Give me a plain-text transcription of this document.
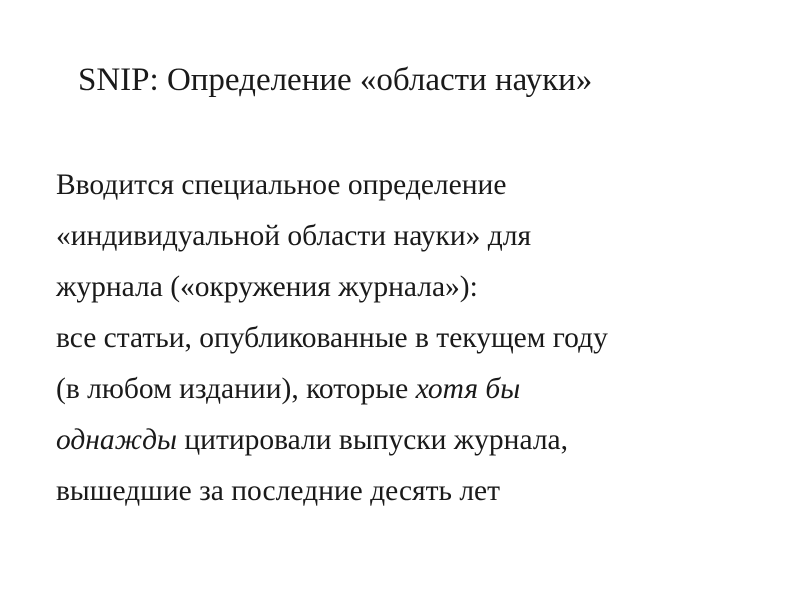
SNIP: Определение «области науки»
Вводится специальное определение
«индивидуальной области науки» для
журнала («окружения журнала»):
все статьи, опубликованные в текущем году
(в любом издании), которые хотя бы
однажды цитировали выпуски журнала,
вышедшие за последние десять лет
